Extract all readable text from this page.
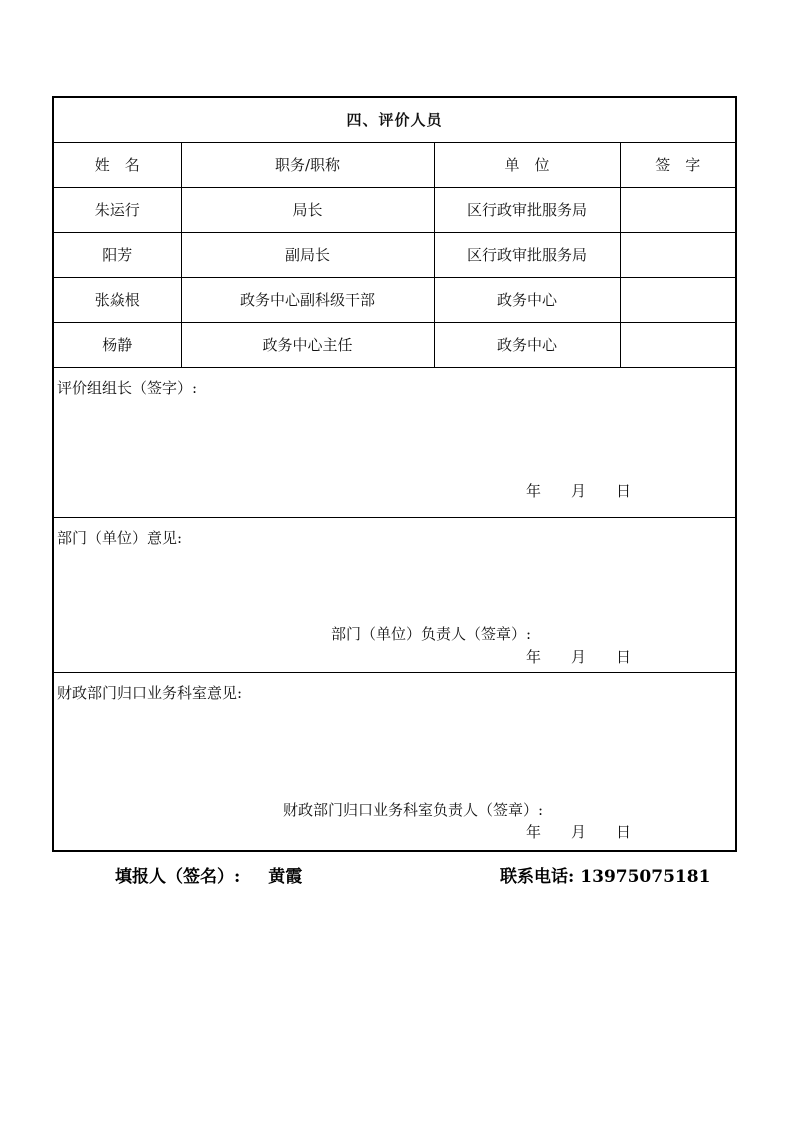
四、评价人员			
姓　名	职务/职称	单　位	签　字
朱运行	局长	区行政审批服务局	
阳芳	副局长	区行政审批服务局	
张焱根	政务中心副科级干部	政务中心	
杨静	政务中心主任	政务中心	

评价组组长（签字）:
年 月 日			

部门（单位）意见:
部门（单位）负责人（签章）:
年 月 日			

财政部门归口业务科室意见:
财政部门归口业务科室负责人（签章）:
年 月 日			
填报人（签名）: 黄霞	联系电话: 13975075181
